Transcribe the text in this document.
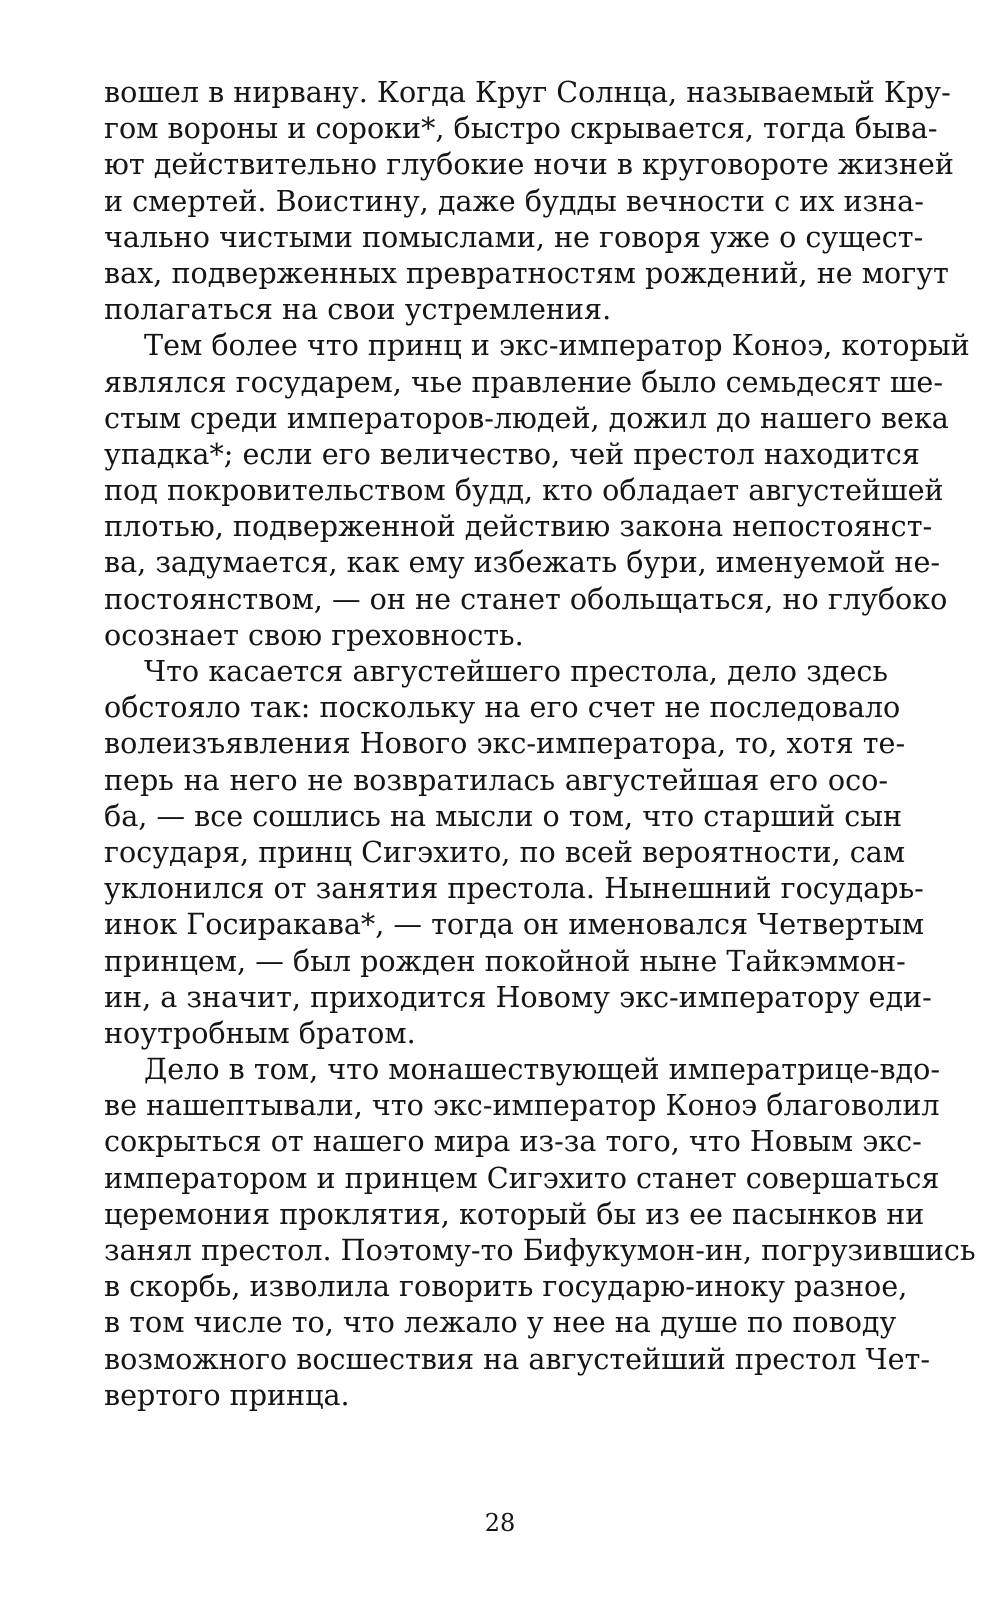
вошел в нирвану. Когда Круг Солнца, называемый Кру-
гом вороны и сороки*, быстро скрывается, тогда быва-
ют действительно глубокие ночи в круговороте жизней
и смертей. Воистину, даже будды вечности с их изна-
чально чистыми помыслами, не говоря уже о сущест-
вах, подверженных превратностям рождений, не могут
полагаться на свои устремления.
Тем более что принц и экс-император Коноэ, который
являлся государем, чье правление было семьдесят ше-
стым среди императоров-людей, дожил до нашего века
упадка*; если его величество, чей престол находится
под покровительством будд, кто обладает августейшей
плотью, подверженной действию закона непостоянст-
ва, задумается, как ему избежать бури, именуемой не-
постоянством, — он не станет обольщаться, но глубоко
осознает свою греховность.
Что касается августейшего престола, дело здесь
обстояло так: поскольку на его счет не последовало
волеизъявления Нового экс-императора, то, хотя те-
перь на него не возвратилась августейшая его осо-
ба, — все сошлись на мысли о том, что старший сын
государя, принц Сигэхито, по всей вероятности, сам
уклонился от занятия престола. Нынешний государь-
инок Госиракава*, — тогда он именовался Четвертым
принцем, — был рожден покойной ныне Тайкэммон-
ин, а значит, приходится Новому экс-императору еди-
ноутробным братом.
Дело в том, что монашествующей императрице-вдо-
ве нашептывали, что экс-император Коноэ благоволил
сокрыться от нашего мира из-за того, что Новым экс-
императором и принцем Сигэхито станет совершаться
церемония проклятия, который бы из ее пасынков ни
занял престол. Поэтому-то Бифукумон-ин, погрузившись
в скорбь, изволила говорить государю-иноку разное,
в том числе то, что лежало у нее на душе по поводу
возможного восшествия на августейший престол Чет-
вертого принца.
28
